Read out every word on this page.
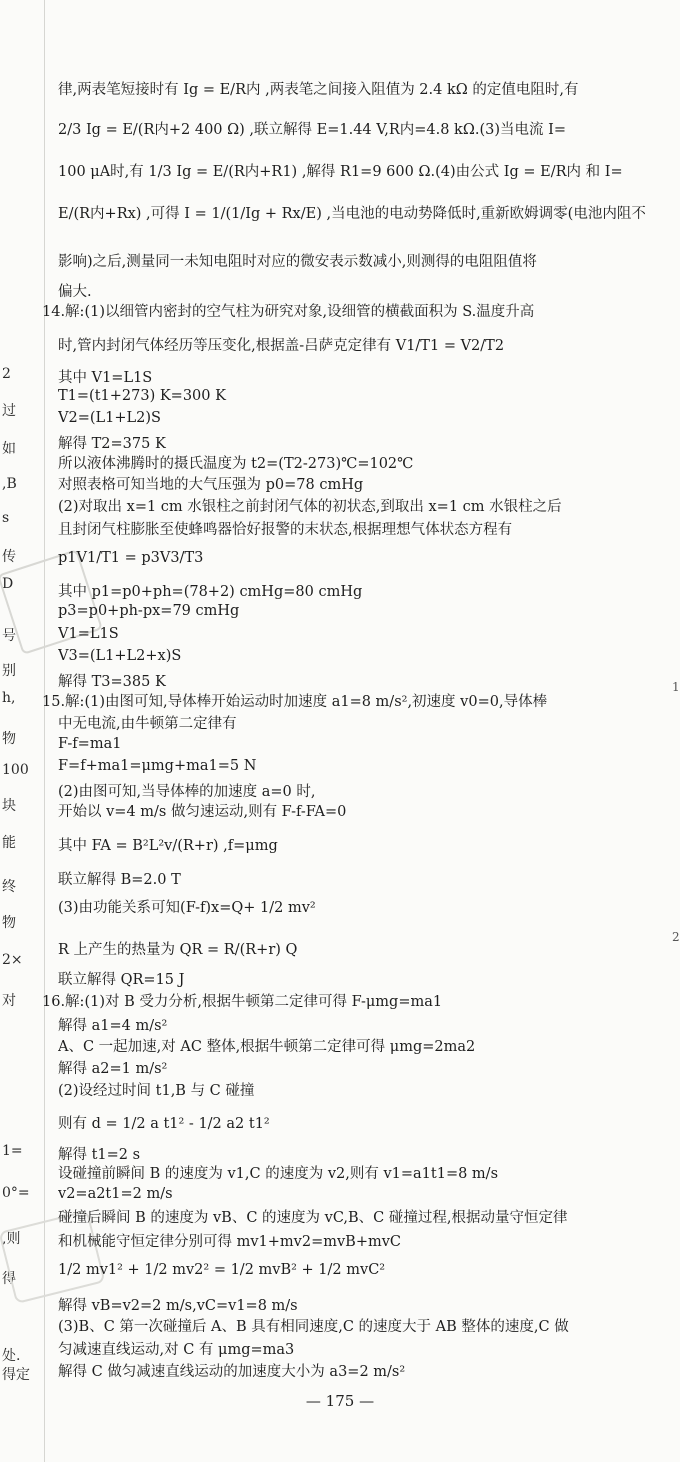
2
过
如
,B
s
传
D
号
别
h,
物
100
块
能
终
物
2×
对
1=
0°=
,则
得
处.
得定
1
2
律,两表笔短接时有 Ig = E/R内 ,两表笔之间接入阻值为 2.4 kΩ 的定值电阻时,有
2/3 Ig = E/(R内+2 400 Ω) ,联立解得 E=1.44 V,R内=4.8 kΩ.(3)当电流 I=
100 μA时,有 1/3 Ig = E/(R内+R1) ,解得 R1=9 600 Ω.(4)由公式 Ig = E/R内 和 I=
E/(R内+Rx) ,可得 I = 1/(1/Ig + Rx/E) ,当电池的电动势降低时,重新欧姆调零(电池内阻不
影响)之后,测量同一未知电阻时对应的微安表示数减小,则测得的电阻阻值将
偏大.
14.解:(1)以细管内密封的空气柱为研究对象,设细管的横截面积为 S.温度升高
时,管内封闭气体经历等压变化,根据盖-吕萨克定律有 V1/T1 = V2/T2
其中 V1=L1S
T1=(t1+273) K=300 K
V2=(L1+L2)S
解得 T2=375 K
所以液体沸腾时的摄氏温度为 t2=(T2-273)℃=102℃
对照表格可知当地的大气压强为 p0=78 cmHg
(2)对取出 x=1 cm 水银柱之前封闭气体的初状态,到取出 x=1 cm 水银柱之后
且封闭气柱膨胀至使蜂鸣器恰好报警的末状态,根据理想气体状态方程有
p1V1/T1 = p3V3/T3
其中 p1=p0+ph=(78+2) cmHg=80 cmHg
p3=p0+ph-px=79 cmHg
V1=L1S
V3=(L1+L2+x)S
解得 T3=385 K
15.解:(1)由图可知,导体棒开始运动时加速度 a1=8 m/s²,初速度 v0=0,导体棒
中无电流,由牛顿第二定律有
F-f=ma1
F=f+ma1=μmg+ma1=5 N
(2)由图可知,当导体棒的加速度 a=0 时,
开始以 v=4 m/s 做匀速运动,则有 F-f-FA=0
其中 FA = B²L²v/(R+r) ,f=μmg
联立解得 B=2.0 T
(3)由功能关系可知(F-f)x=Q+ 1/2 mv²
R 上产生的热量为 QR = R/(R+r) Q
联立解得 QR=15 J
16.解:(1)对 B 受力分析,根据牛顿第二定律可得 F-μmg=ma1
解得 a1=4 m/s²
A、C 一起加速,对 AC 整体,根据牛顿第二定律可得 μmg=2ma2
解得 a2=1 m/s²
(2)设经过时间 t1,B 与 C 碰撞
则有 d = 1/2 a t1² - 1/2 a2 t1²
解得 t1=2 s
设碰撞前瞬间 B 的速度为 v1,C 的速度为 v2,则有 v1=a1t1=8 m/s
v2=a2t1=2 m/s
碰撞后瞬间 B 的速度为 vB、C 的速度为 vC,B、C 碰撞过程,根据动量守恒定律
和机械能守恒定律分别可得 mv1+mv2=mvB+mvC
1/2 mv1² + 1/2 mv2² = 1/2 mvB² + 1/2 mvC²
解得 vB=v2=2 m/s,vC=v1=8 m/s
(3)B、C 第一次碰撞后 A、B 具有相同速度,C 的速度大于 AB 整体的速度,C 做
匀减速直线运动,对 C 有 μmg=ma3
解得 C 做匀减速直线运动的加速度大小为 a3=2 m/s²
— 175 —
